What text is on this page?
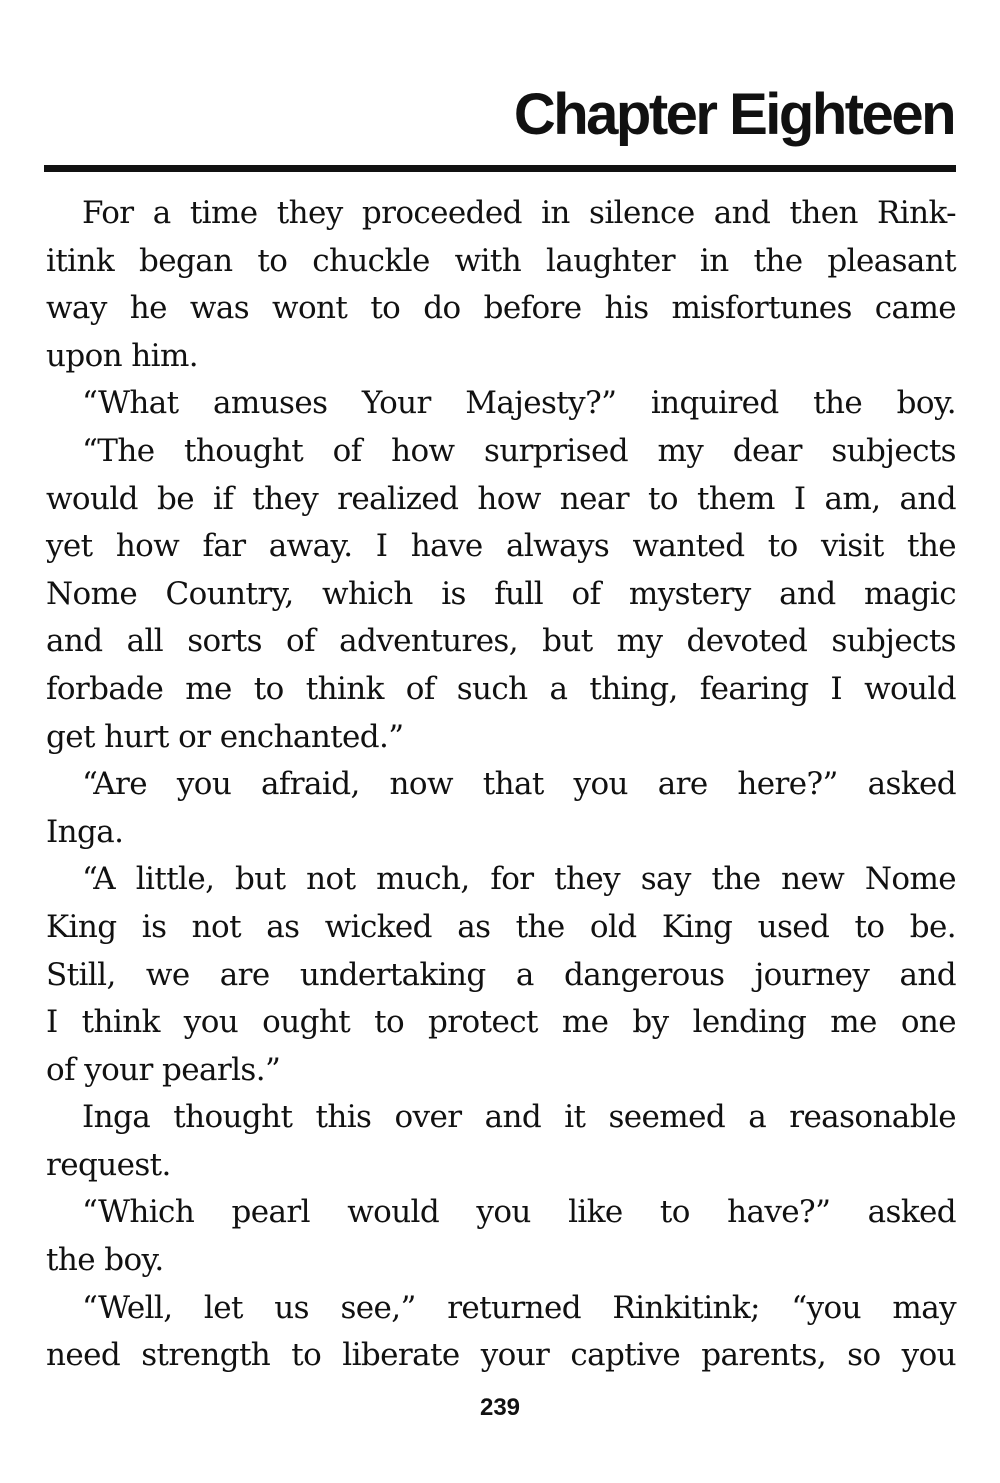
Chapter Eighteen
For a time they proceeded in silence and then Rink-
itink began to chuckle with laughter in the pleasant
way he was wont to do before his misfortunes came
upon him.
“What amuses Your Majesty?” inquired the boy.
“The thought of how surprised my dear subjects
would be if they realized how near to them I am, and
yet how far away. I have always wanted to visit the
Nome Country, which is full of mystery and magic
and all sorts of adventures, but my devoted subjects
forbade me to think of such a thing, fearing I would
get hurt or enchanted.”
“Are you afraid, now that you are here?” asked
Inga.
“A little, but not much, for they say the new Nome
King is not as wicked as the old King used to be.
Still, we are undertaking a dangerous journey and
I think you ought to protect me by lending me one
of your pearls.”
Inga thought this over and it seemed a reasonable
request.
“Which pearl would you like to have?” asked
the boy.
“Well, let us see,” returned Rinkitink; “you may
need strength to liberate your captive parents, so you
239
